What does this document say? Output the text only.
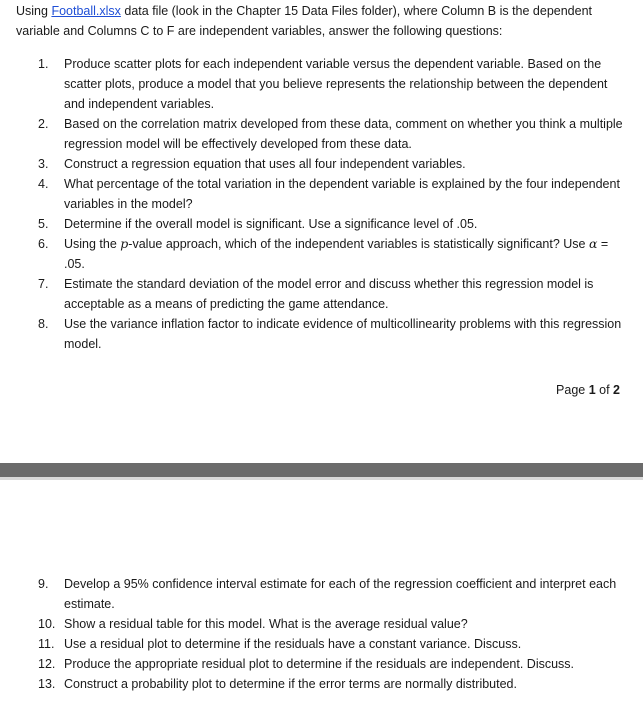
Using Football.xlsx data file (look in the Chapter 15 Data Files folder), where Column B is the dependent variable and Columns C to F are independent variables, answer the following questions:
1.	Produce scatter plots for each independent variable versus the dependent variable. Based on the scatter plots, produce a model that you believe represents the relationship between the dependent and independent variables.
2.	Based on the correlation matrix developed from these data, comment on whether you think a multiple regression model will be effectively developed from these data.
3.	Construct a regression equation that uses all four independent variables.
4.	What percentage of the total variation in the dependent variable is explained by the four independent variables in the model?
5.	Determine if the overall model is significant. Use a significance level of .05.
6.	Using the p-value approach, which of the independent variables is statistically significant? Use α = .05.
7.	Estimate the standard deviation of the model error and discuss whether this regression model is acceptable as a means of predicting the game attendance.
8.	Use the variance inflation factor to indicate evidence of multicollinearity problems with this regression model.
Page 1 of 2
9.	Develop a 95% confidence interval estimate for each of the regression coefficient and interpret each estimate.
10. Show a residual table for this model. What is the average residual value?
11. Use a residual plot to determine if the residuals have a constant variance. Discuss.
12. Produce the appropriate residual plot to determine if the residuals are independent. Discuss.
13. Construct a probability plot to determine if the error terms are normally distributed.
